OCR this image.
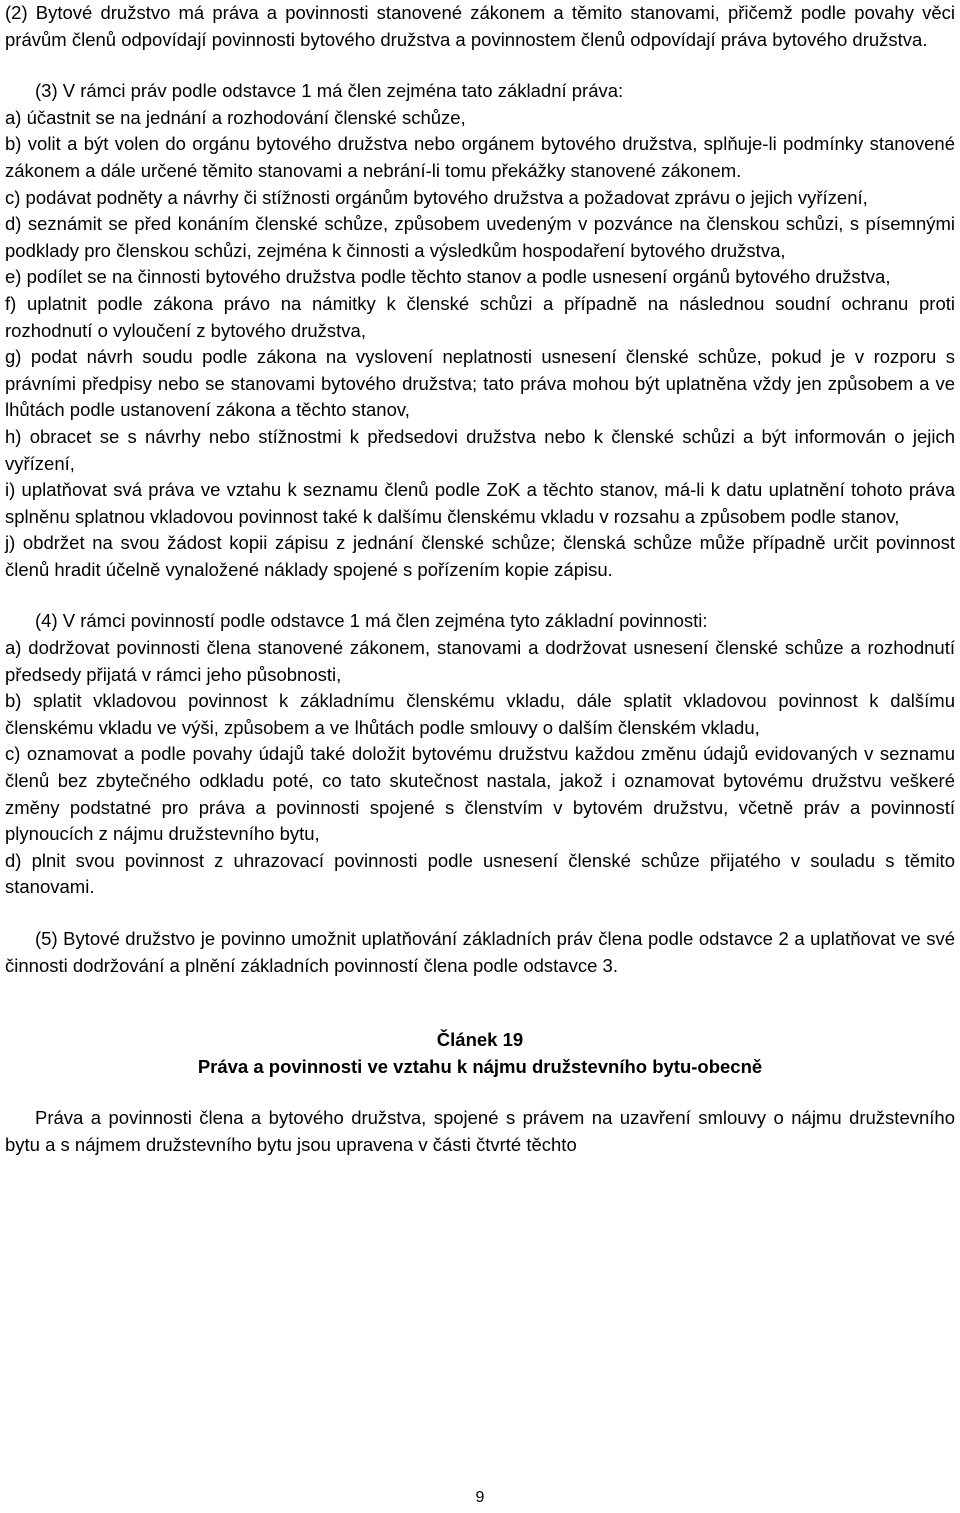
(2) Bytové družstvo má práva a povinnosti stanovené zákonem a těmito stanovami, přičemž podle povahy věci právům členů odpovídají povinnosti bytového družstva a povinnostem členů odpovídají práva bytového družstva.

(3) V rámci práv podle odstavce 1 má člen zejména tato základní práva:

a) účastnit se na jednání a rozhodování členské schůze,

b) volit a být volen do orgánu bytového družstva nebo orgánem bytového družstva, splňuje-li podmínky stanovené zákonem a dále určené těmito stanovami a nebrání-li tomu překážky stanovené zákonem.

c) podávat podněty a návrhy či stížnosti orgánům bytového družstva a požadovat zprávu o jejich vyřízení,

d) seznámit se před konáním členské schůze, způsobem uvedeným v pozvánce na členskou schůzi, s písemnými podklady pro členskou schůzi, zejména k činnosti a výsledkům hospodaření bytového družstva,

e) podílet se na činnosti bytového družstva podle těchto stanov a podle usnesení orgánů bytového družstva,

f) uplatnit podle zákona právo na námitky k členské schůzi a případně na následnou soudní ochranu proti rozhodnutí o vyloučení z bytového družstva,

g) podat návrh soudu podle zákona na vyslovení neplatnosti usnesení členské schůze, pokud je v rozporu s právními předpisy nebo se stanovami bytového družstva; tato práva mohou být uplatněna vždy jen způsobem a ve lhůtách podle ustanovení zákona a těchto stanov,

h) obracet se s návrhy nebo stížnostmi k předsedovi družstva nebo k členské schůzi a být informován o jejich vyřízení,

i) uplatňovat svá práva ve vztahu k seznamu členů podle ZoK a těchto stanov, má-li k datu uplatnění tohoto práva splněnu splatnou vkladovou povinnost také k dalšímu členskému vkladu v rozsahu a způsobem podle stanov,

j) obdržet na svou žádost kopii zápisu z jednání členské schůze; členská schůze může případně určit povinnost členů hradit účelně vynaložené náklady spojené s pořízením kopie zápisu.

(4) V rámci povinností podle odstavce 1 má člen zejména tyto základní povinnosti:

a) dodržovat povinnosti člena stanovené zákonem, stanovami a dodržovat usnesení členské schůze a rozhodnutí předsedy přijatá v rámci jeho působnosti,

b) splatit vkladovou povinnost k základnímu členskému vkladu, dále splatit vkladovou povinnost k dalšímu členskému vkladu ve výši, způsobem a ve lhůtách podle smlouvy o dalším členském vkladu,

c) oznamovat a podle povahy údajů také doložit bytovému družstvu každou změnu údajů evidovaných v seznamu členů bez zbytečného odkladu poté, co tato skutečnost nastala, jakož i oznamovat bytovému družstvu veškeré změny podstatné pro práva a povinnosti spojené s členstvím v bytovém družstvu, včetně práv a povinností plynoucích z nájmu družstevního bytu,

d) plnit svou povinnost z uhrazovací povinnosti podle usnesení členské schůze přijatého v souladu s těmito stanovami.

(5) Bytové družstvo je povinno umožnit uplatňování základních práv člena podle odstavce 2 a uplatňovat ve své činnosti dodržování a plnění základních povinností člena podle odstavce 3.

Článek 19

Práva a povinnosti ve vztahu k nájmu družstevního bytu-obecně

Práva a povinnosti člena a bytového družstva, spojené s právem na uzavření smlouvy o nájmu družstevního bytu a s nájmem družstevního bytu jsou upravena v části čtvrté těchto

9
